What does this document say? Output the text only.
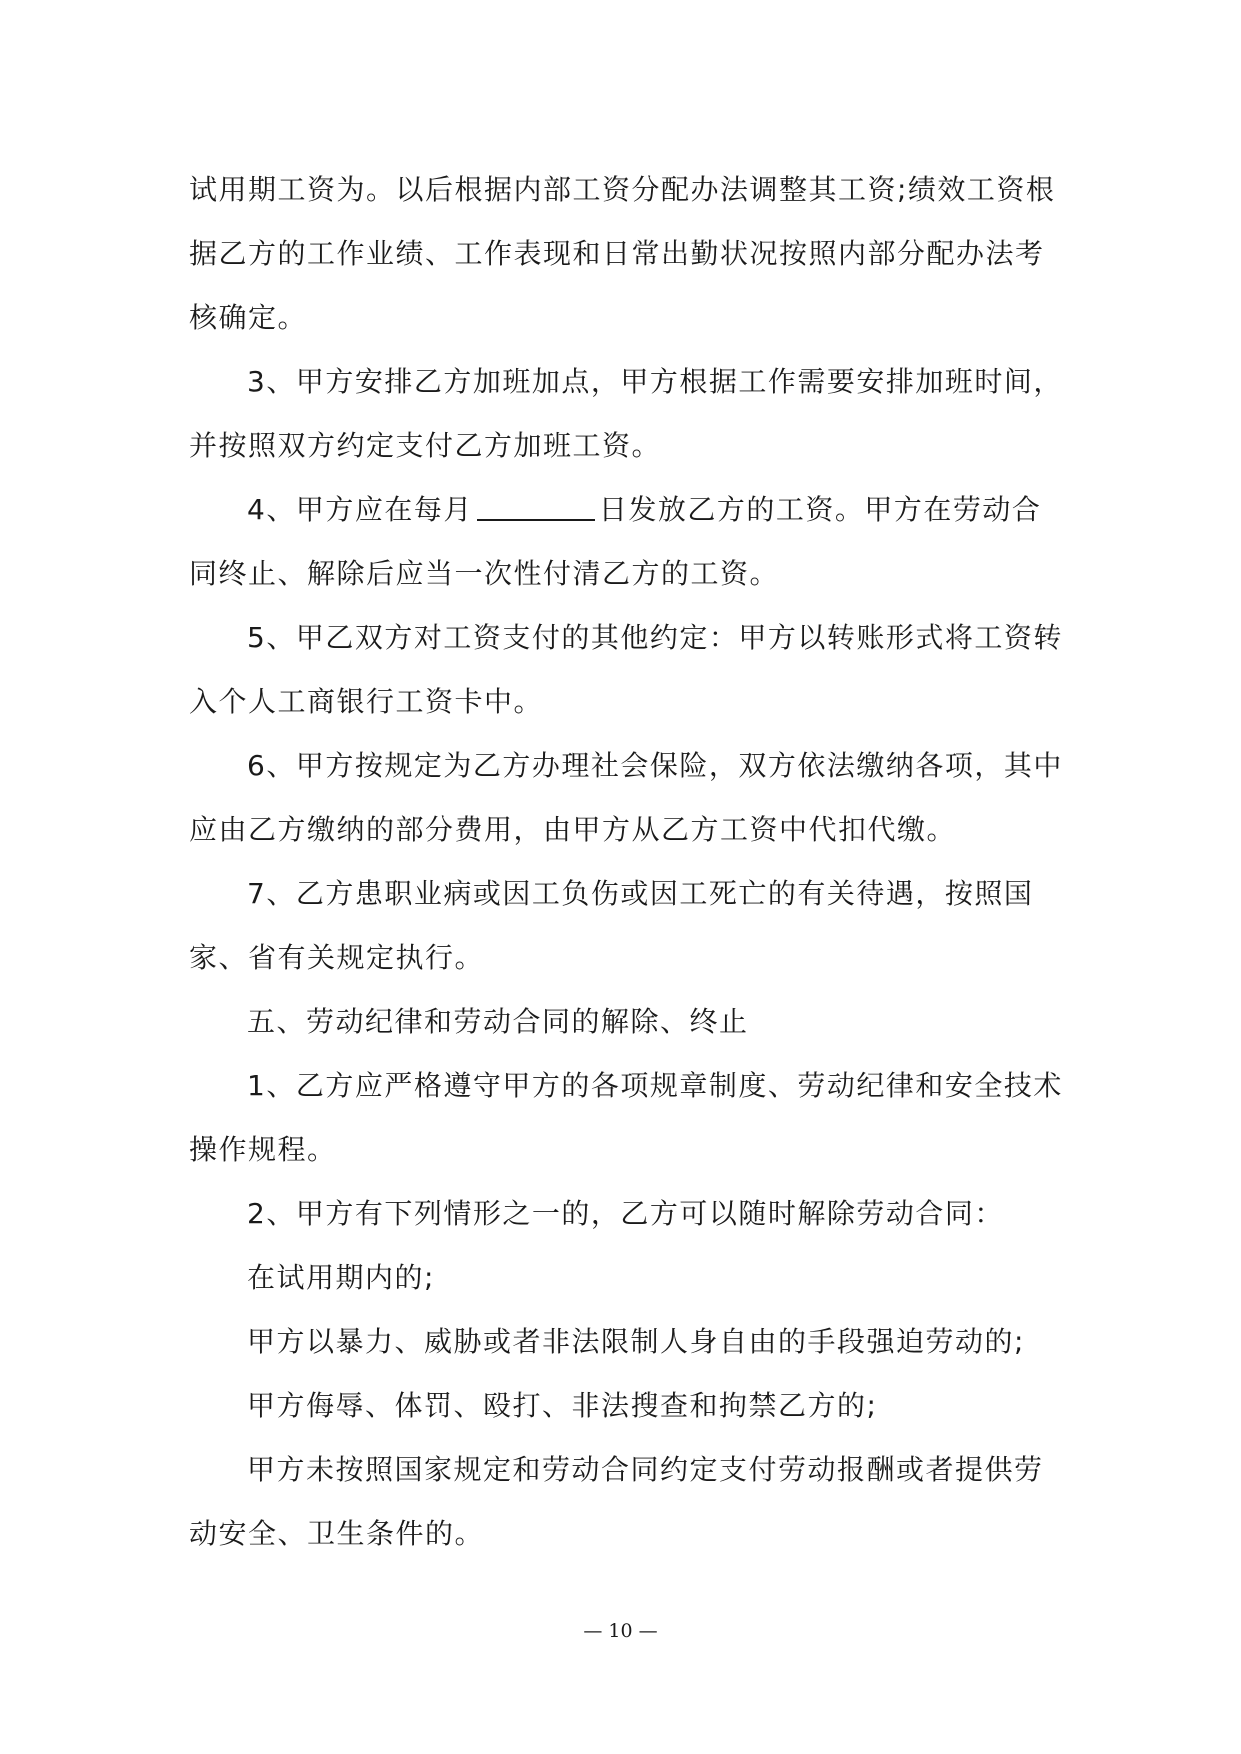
试用期工资为。以后根据内部工资分配办法调整其工资;绩效工资根据乙方的工作业绩、工作表现和日常出勤状况按照内部分配办法考核确定。

3、甲方安排乙方加班加点，甲方根据工作需要安排加班时间，并按照双方约定支付乙方加班工资。

4、甲方应在每月	日发放乙方的工资。甲方在劳动合同终止、解除后应当一次性付清乙方的工资。

5、甲乙双方对工资支付的其他约定：甲方以转账形式将工资转入个人工商银行工资卡中。

6、甲方按规定为乙方办理社会保险，双方依法缴纳各项，其中应由乙方缴纳的部分费用，由甲方从乙方工资中代扣代缴。

7、乙方患职业病或因工负伤或因工死亡的有关待遇，按照国家、省有关规定执行。

五、劳动纪律和劳动合同的解除、终止

1、乙方应严格遵守甲方的各项规章制度、劳动纪律和安全技术操作规程。

2、甲方有下列情形之一的，乙方可以随时解除劳动合同：

在试用期内的;

甲方以暴力、威胁或者非法限制人身自由的手段强迫劳动的;

甲方侮辱、体罚、殴打、非法搜查和拘禁乙方的;

甲方未按照国家规定和劳动合同约定支付劳动报酬或者提供劳动安全、卫生条件的。

— 10 —
